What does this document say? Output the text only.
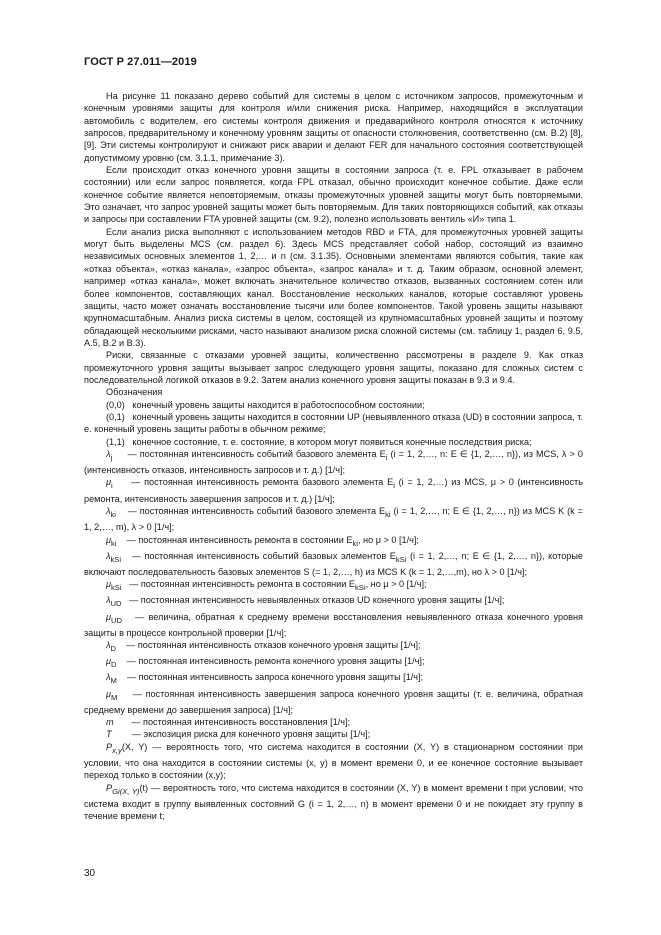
ГОСТ Р 27.011—2019

На рисунке 11 показано дерево событий для системы в целом с источником запросов, промежуточным и конечным уровнями защиты для контроля и/или снижения риска. Например, находящийся в эксплуатации автомобиль с водителем, его системы контроля движения и предаварийного контроля относятся к источнику запросов, предварительному и конечному уровням защиты от опасности столкновения, соответственно (см. В.2) [8], [9]. Эти системы контролируют и снижают риск аварии и делают FER для начального состояния соответствующей допустимому уровню (см. 3.1.1, примечание 3).

Если происходит отказ конечного уровня защиты в состоянии запроса (т. е. FPL отказывает в рабочем состоянии) или если запрос появляется, когда FPL отказал, обычно происходит конечное событие. Даже если конечное событие является неповторяемым, отказы промежуточных уровней защиты могут быть повторяемыми. Это означает, что запрос уровней защиты может быть повторяемым. Для таких повторяющихся событий, как отказы и запросы при составлении FTA уровней защиты (см. 9.2), полезно использовать вентиль «И» типа 1.

Если анализ риска выполняют с использованием методов RBD и FTA, для промежуточных уровней защиты могут быть выделены MCS (см. раздел 6). Здесь MCS представляет собой набор, состоящий из взаимно независимых основных элементов 1, 2,… и n (см. 3.1.35). Основными элементами являются события, такие как «отказ объекта», «отказ канала», «запрос объекта», «запрос канала» и т. д. Таким образом, основной элемент, например «отказ канала», может включать значительное количество отказов, вызванных состоянием сотен или более компонентов, составляющих канал. Восстановление нескольких каналов, которые составляют уровень защиты, часто может означать восстановление тысячи или более компонентов. Такой уровень защиты называют крупномасштабным. Анализ риска системы в целом, состоящей из крупномасштабных уровней защиты и поэтому обладающей несколькими рисками, часто называют анализом риска сложной системы (см. таблицу 1, раздел 6, 9.5, А.5, В.2 и В.3).

Риски, связанные с отказами уровней защиты, количественно рассмотрены в разделе 9. Как отказ промежуточного уровня защиты вызывает запрос следующего уровня защиты, показано для сложных систем с последовательной логикой отказов в 9.2. Затем анализ конечного уровня защиты показан в 9.3 и 9.4.

Обозначения

(0,0) конечный уровень защиты находится в работоспособном состоянии;

(0,1) конечный уровень защиты находится в состоянии UP (невыявленного отказа (UD) в состоянии запроса, т. е. конечный уровень защиты работы в обычном режиме;

(1,1) конечное состояние, т. е. состояние, в котором могут появиться конечные последствия риска;

$\lambda_j$ — постоянная интенсивность событий базового элемента $E_i$ (i = 1, 2,…, n: E ∈ {1, 2,…, n}), из MCS, λ > 0 (интенсивность отказов, интенсивность запросов и т. д.) [1/ч];

$\mu_i$ — постоянная интенсивность ремонта базового элемента $E_i$ (i = 1, 2,…) из MCS, μ > 0 (интенсивность ремонта, интенсивность завершения запросов и т. д.) [1/ч];

$\lambda_{ki}$ — постоянная интенсивность событий базового элемента $E_{ki}$ (i = 1, 2,…, n; E ∈ {1, 2,…, n}) из MCS K (k = 1, 2,…, m), λ > 0 [1/ч];

$\mu_{ki}$ — постоянная интенсивность ремонта в состоянии $E_{ki}$, но μ > 0 [1/ч];

$\lambda_{kSi}$ — постоянная интенсивность событий базовых элементов $E_{kSi}$ (i = 1, 2,…, n; E ∈ {1, 2,…, n}), которые включают последовательность базовых элементов S (= 1, 2,…, h) из MCS K (k = 1, 2,…,m), но λ > 0 [1/ч];

$\mu_{kSi}$ — постоянная интенсивность ремонта в состоянии $E_{kSi}$, но μ > 0 [1/ч];

$\lambda_{UD}$ — постоянная интенсивность невыявленных отказов UD конечного уровня защиты [1/ч];

$\mu_{UD}$ — величина, обратная к среднему времени восстановления невыявленного отказа конечного уровня защиты в процессе контрольной проверки [1/ч];

$\lambda_D$ — постоянная интенсивность отказов конечного уровня защиты [1/ч];

$\mu_D$ — постоянная интенсивность ремонта конечного уровня защиты [1/ч];

$\lambda_M$ — постоянная интенсивность запроса конечного уровня защиты [1/ч];

$\mu_M$ — постоянная интенсивность завершения запроса конечного уровня защиты (т. е. величина, обратная среднему времени до завершения запроса) [1/ч];

m — постоянная интенсивность восстановления [1/ч];

T — экспозиция риска для конечного уровня защиты [1/ч];

$P_{x,y}(X$, Y) — вероятность того, что система находится в состоянии (X, Y) в стационарном состоянии при условии, что она находится в состоянии системы (x, y) в момент времени 0, и ее конечное состояние вызывает переход только в состоянии (x,y);

$P_{Gi(X, Y)}(t)$ — вероятность того, что система находится в состоянии (X, Y) в момент времени t при условии, что система входит в группу выявленных состояний G (i = 1, 2,…, n) в момент времени 0 и не покидает эту группу в течение времени t;

30
